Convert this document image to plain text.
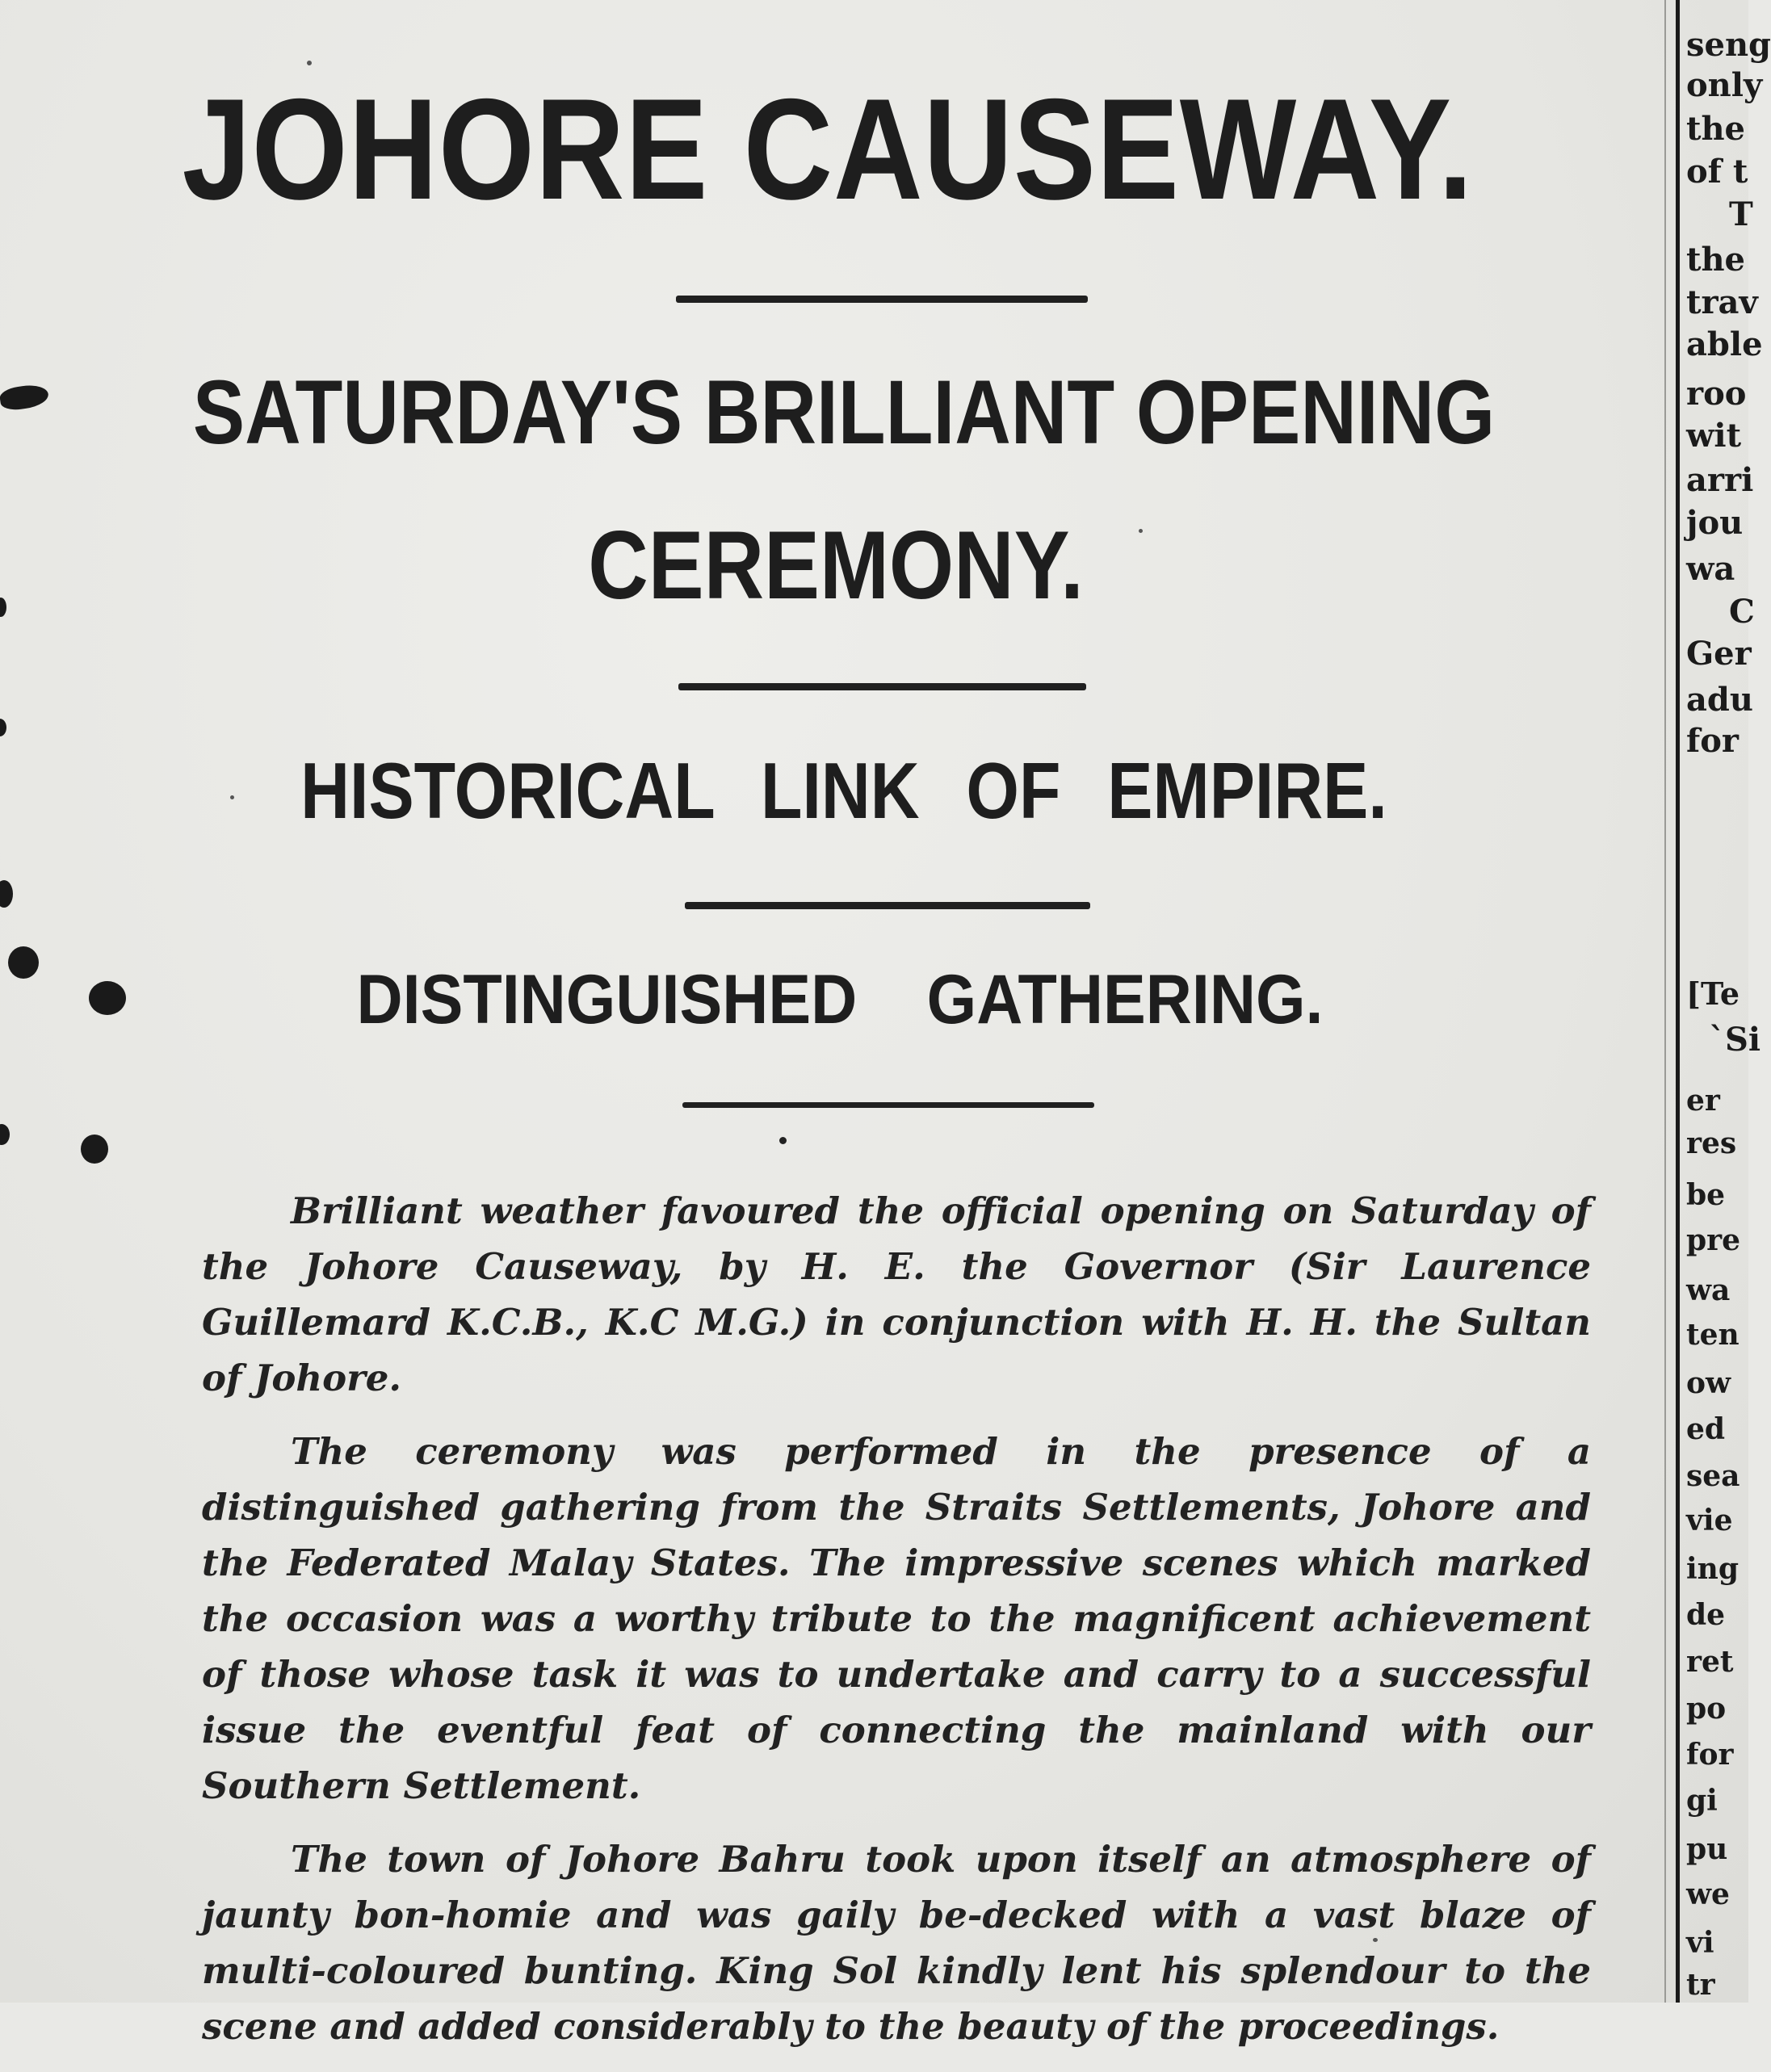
JOHORE CAUSEWAY.
SATURDAY'S BRILLIANT OPENING
CEREMONY.
HISTORICAL LINK OF EMPIRE.
DISTINGUISHED GATHERING.

Brilliant weather favoured the official opening on Saturday of the Johore Causeway, by H. E. the Governor (Sir Laurence Guillemard K.C.B., K.C M.G.) in conjunction with H. H. the Sultan of Johore.

The ceremony was performed in the presence of a distinguished gathering from the Straits Settlements, Johore and the Federated Malay States. The impressive scenes which marked the occasion was a worthy tribute to the magnificent achievement of those whose task it was to undertake and carry to a successful issue the eventful feat of connecting the mainland with our Southern Settlement.

The town of Johore Bahru took upon itself an atmosphere of jaunty bon-homie and was gaily be-decked with a vast blaze of multi-coloured bunting. King Sol kindly lent his splendour to the scene and added considerably to the beauty of the proceedings.

seng
only
the
of t
T
the
trav
able
roo
wit
arri
jou
wa
C
Ger
adu
for
[Te
`Si
er
res
be
pre
wa
ten
ow
ed
sea
vie
ing
de
ret
po
for
gi
pu
we
vi
tr
